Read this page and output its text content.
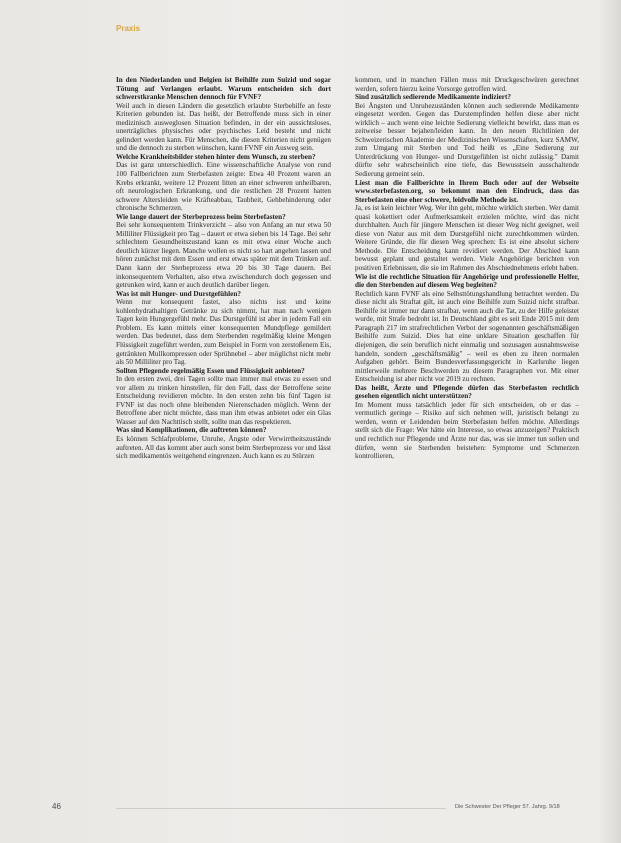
Praxis

In den Niederlanden und Belgien ist Beihilfe zum Suizid und sogar Tötung auf Verlangen erlaubt. Warum entscheiden sich dort schwerstkranke Menschen dennoch für FVNF?

Weil auch in diesen Ländern die gesetzlich erlaubte Sterbehilfe an feste Kriterien gebunden ist. Das heißt, der Betroffende muss sich in einer medizinisch ausweglosen Situation befinden, in der ein aussichtsloses, unerträgliches physisches oder psychisches Leid besteht und nicht gelindert werden kann. Für Menschen, die diesen Kriterien nicht genügen und die dennoch zu sterben wünschen, kann FVNF ein Ausweg sein.

Welche Krankheitsbilder stehen hinter dem Wunsch, zu sterben?

Das ist ganz unterschiedlich. Eine wissenschaftliche Analyse von rund 100 Fallberichten zum Sterbefasten zeigte: Etwa 40 Prozent waren an Krebs erkrankt, weitere 12 Prozent litten an einer schweren unheilbaren, oft neurologischen Erkrankung, und die restlichen 28 Prozent hatten schwere Altersleiden wie Kräfteabbau, Taubheit, Gehbehinderung oder chronische Schmerzen.

Wie lange dauert der Sterbeprozess beim Sterbefasten?

Bei sehr konsequentem Trinkverzicht – also von Anfang an nur etwa 50 Milliliter Flüssigkeit pro Tag – dauert er etwa sieben bis 14 Tage. Bei sehr schlechtem Gesundheitszustand kann es mit etwa einer Woche auch deutlich kürzer liegen. Manche wollen es nicht so hart angehen lassen und hören zunächst mit dem Essen und erst etwas später mit dem Trinken auf. Dann kann der Sterbeprozess etwa 20 bis 30 Tage dauern. Bei inkonsequentem Verhalten, also etwa zwischendurch doch gegessen und getrunken wird, kann er auch deutlich darüber liegen.

Was ist mit Hunger- und Durstgefühlen?

Wenn nur konsequent fastet, also nichts isst und keine kohlenhydrathaltigen Getränke zu sich nimmt, hat man nach wenigen Tagen kein Hungergefühl mehr. Das Durstgefühl ist aber in jedem Fall ein Problem. Es kann mittels einer konsequenten Mundpflege gemildert werden. Das bedeutet, dass dem Sterbenden regelmäßig kleine Mengen Flüssigkeit zugeführt werden, zum Beispiel in Form von zerstoßenem Eis, getränkten Mullkompressen oder Sprühnebel – aber möglichst nicht mehr als 50 Milliliter pro Tag.

Sollten Pflegende regelmäßig Essen und Flüssigkeit anbieten?

In den ersten zwei, drei Tagen sollte man immer mal etwas zu essen und vor allem zu trinken hinstellen, für den Fall, dass der Betroffene seine Entscheidung revidieren möchte. In den ersten zehn bis fünf Tagen ist FVNF ist das noch ohne bleibenden Nierenschaden möglich. Wenn der Betroffene aber nicht möchte, dass man ihm etwas anbietet oder ein Glas Wasser auf den Nachttisch stellt, sollte man das respektieren.

Was sind Komplikationen, die auftreten können?

Es können Schlafprobleme, Unruhe, Ängste oder Verwirrtheitszustände auftreten. All das kommt aber auch sonst beim Sterbeprozess vor und lässt sich medikamentös weitgehend eingrenzen. Auch kann es zu Stürzen

kommen, und in manchen Fällen muss mit Druckgeschwüren gerechnet werden, sofern hierzu keine Vorsorge getroffen wird.

Sind zusätzlich sedierende Medikamente indiziert?

Bei Ängsten und Unruhezuständen können auch sedierende Medikamente eingesetzt werden. Gegen das Durstempfinden helfen diese aber nicht wirklich – auch wenn eine leichte Sedierung vielleicht bewirkt, dass man es zeitweise besser bejahen/leiden kann. In den neuen Richtlinien der Schweizerischen Akademie der Medizinischen Wissenschaften, kurz SAMW, zum Umgang mit Sterben und Tod heißt es „Eine Sedierung zur Unterdrückung von Hunger- und Durstgefühlen ist nicht zulässig." Damit dürfte sehr wahrscheinlich eine tiefe, das Bewusstsein ausschaltende Sedierung gemeint sein.

Liest man die Fallberichte in Ihrem Buch oder auf der Webseite www.sterbefasten.org, so bekommt man den Eindruck, dass das Sterbefasten eine eher schwere, leidvolle Methode ist.

Ja, es ist kein leichter Weg. Wer ihn geht, möchte wirklich sterben. Wer damit quasi kokettiert oder Aufmerksamkeit erzielen möchte, wird das nicht durchhalten. Auch für jüngere Menschen ist dieser Weg nicht geeignet, weil diese von Natur aus mit dem Durstgefühl nicht zurechtkommen würden. Weitere Gründe, die für diesen Weg sprechen: Es ist eine absolut sichere Methode. Die Entscheidung kann revidiert werden. Der Abschied kann bewusst geplant und gestaltet werden. Viele Angehörige berichten von positiven Erlebnissen, die sie im Rahmen des Abschiednehmens erlebt haben.

Wie ist die rechtliche Situation für Angehörige und professionelle Helfer, die den Sterbenden auf diesem Weg begleiten?

Rechtlich kann FVNF als eine Selbsttötungshandlung betrachtet werden. Da diese nicht als Straftat gilt, ist auch eine Beihilfe zum Suizid nicht strafbar. Beihilfe ist immer nur dann strafbar, wenn auch die Tat, zu der Hilfe geleistet wurde, mit Strafe bedroht ist. In Deutschland gibt es seit Ende 2015 mit dem Paragraph 217 im strafrechtlichen Verbot der sogenannten geschäftsmäßigen Beihilfe zum Suizid. Dies hat eine unklare Situation geschaffen für diejenigen, die sein beruflich nicht einmalig und sozusagen ausnahmsweise handeln, sondern „geschäftsmäßig" – weil es eben zu ihren normalen Aufgaben gehört. Beim Bundesverfassungsgericht in Karlsruhe liegen mittlerweile mehrere Beschwerden zu diesem Paragraphen vor. Mit einer Entscheidung ist aber nicht vor 2019 zu rechnen.

Das heißt, Ärzte und Pflegende dürfen das Sterbefasten rechtlich gesehen eigentlich nicht unterstützen?

Im Moment muss tatsächlich jeder für sich entscheiden, ob er das – vermutlich geringe – Risiko auf sich nehmen will, juristisch belangt zu werden, wenn er Leidenden beim Sterbefasten helfen möchte. Allerdings stellt sich die Frage: Wer hätte ein Interesse, so etwas anzuzeigen? Praktisch und rechtlich nur Pflegende und Ärzte nur das, was sie immer tun sollen und dürfen, wenn sie Sterbenden beistehen: Symptome und Schmerzen kontrollieren,

46	Die Schwester Der Pfleger 57. Jahrg. 9/18
